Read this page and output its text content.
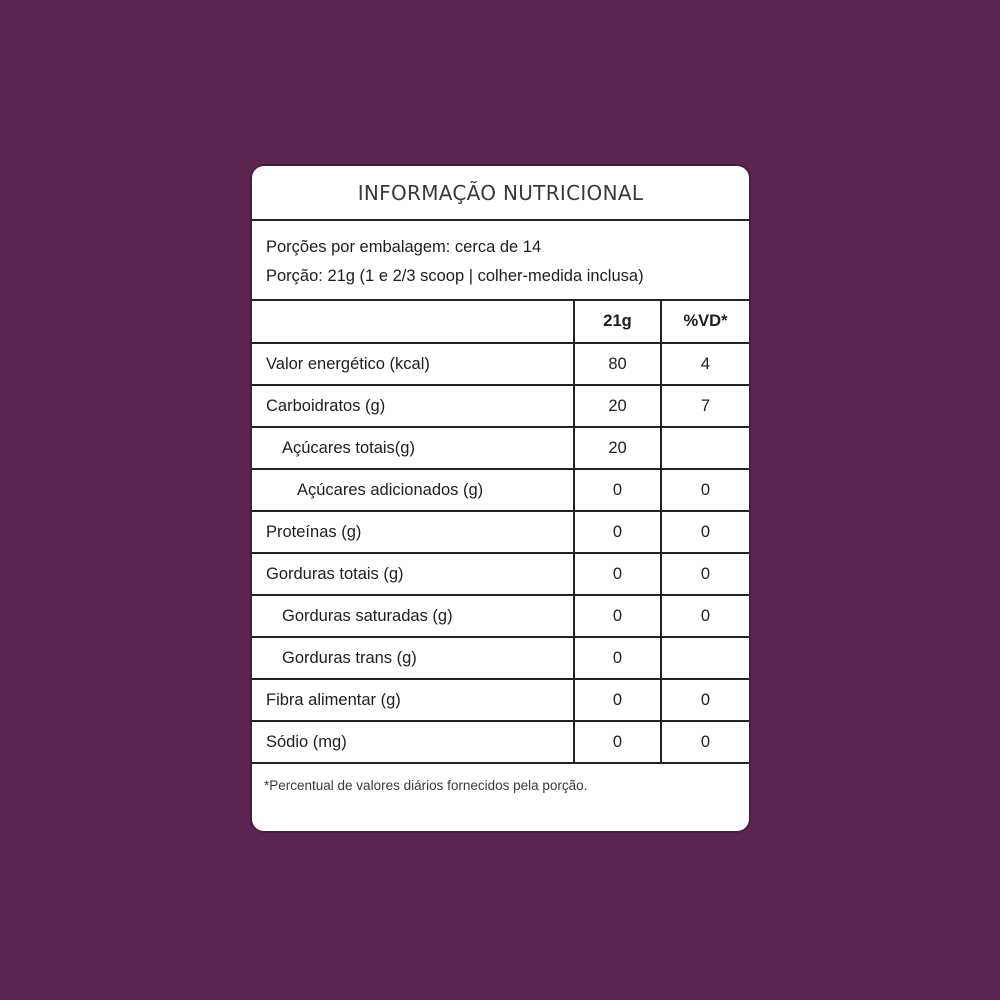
INFORMAÇÃO NUTRICIONAL
Porções por embalagem: cerca de 14
Porção: 21g (1 e 2/3 scoop | colher-medida inclusa)
	21g	%VD*
Valor energético (kcal)	80	4
Carboidratos (g)	20	7
Açúcares totais(g)	20	
Açúcares adicionados (g)	0	0
Proteínas (g)	0	0
Gorduras totais (g)	0	0
Gorduras saturadas (g)	0	0
Gorduras trans (g)	0	
Fibra alimentar (g)	0	0
Sódio (mg)	0	0
*Percentual de valores diários fornecidos pela porção.
